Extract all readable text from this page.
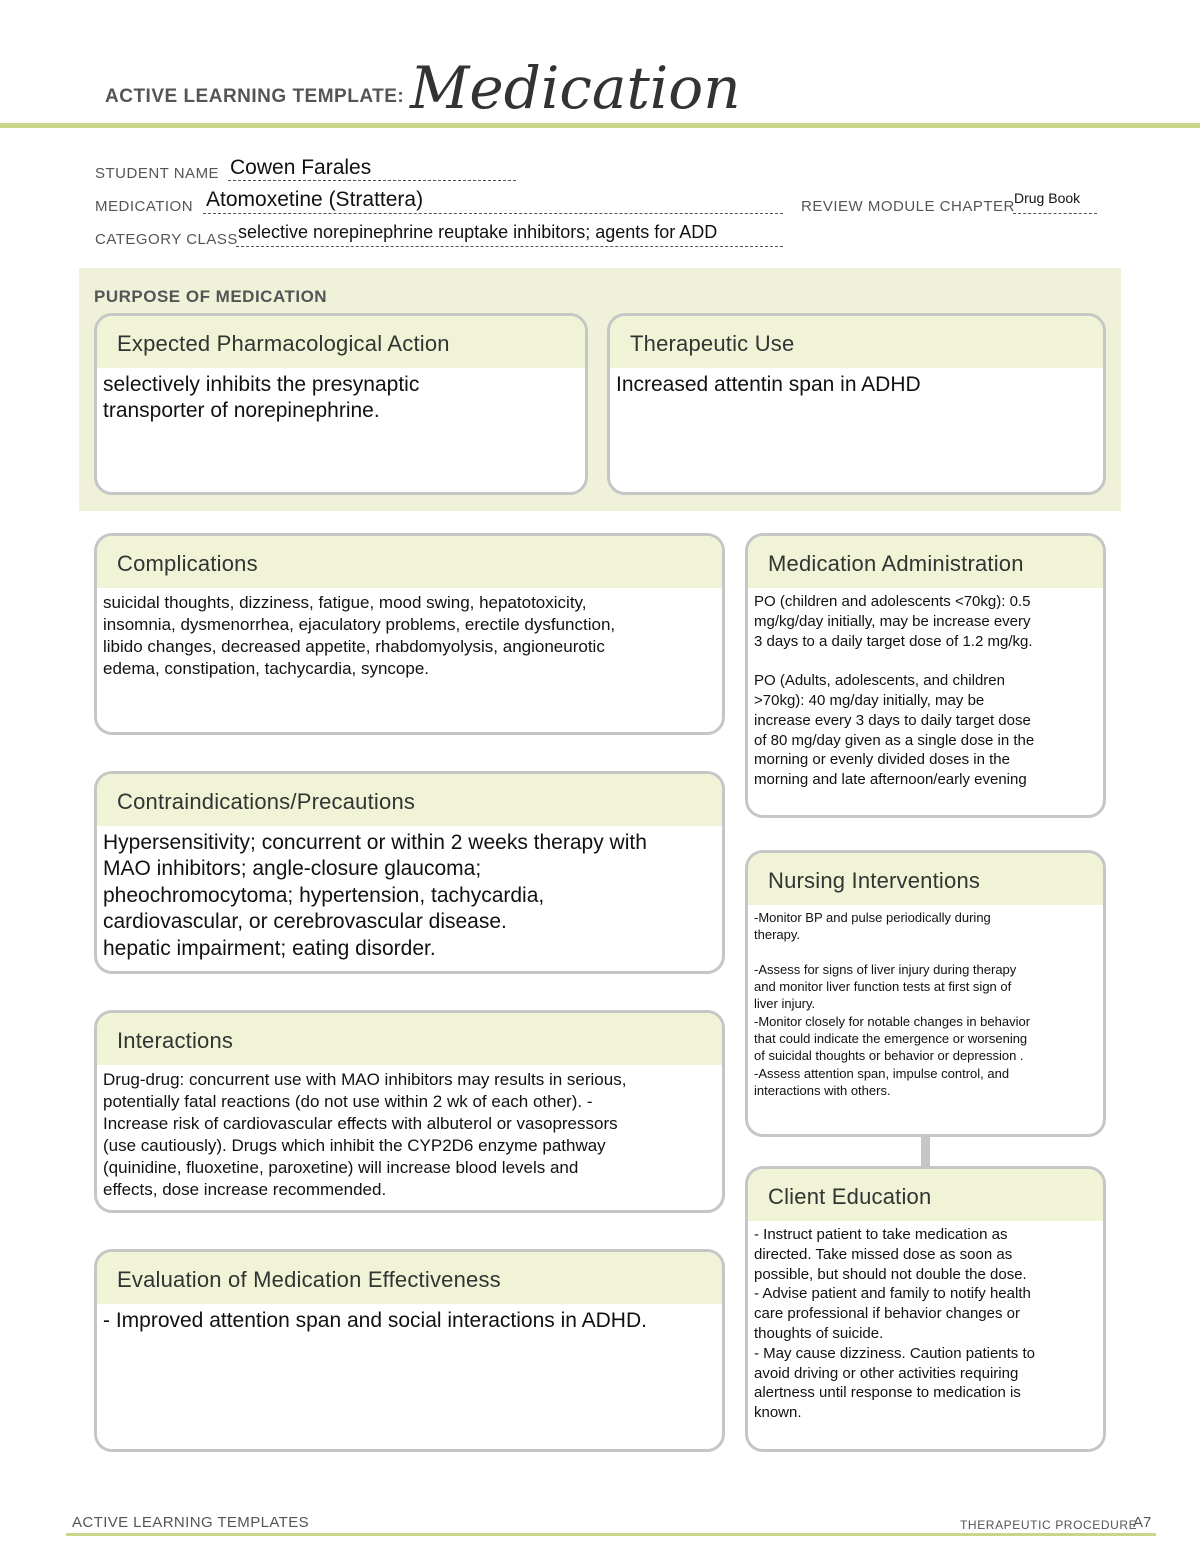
ACTIVE LEARNING TEMPLATE: Medication
STUDENT NAME Cowen Farales
MEDICATION Atomoxetine (Strattera)	REVIEW MODULE CHAPTER Drug Book
CATEGORY CLASS selective norepinephrine reuptake inhibitors; agents for ADD
PURPOSE OF MEDICATION
Expected Pharmacological Action
selectively inhibits the presynaptic
transporter of norepinephrine.
Therapeutic Use
Increased attentin span in ADHD
Complications
suicidal thoughts, dizziness, fatigue, mood swing, hepatotoxicity,
insomnia, dysmenorrhea, ejaculatory problems, erectile dysfunction,
libido changes, decreased appetite, rhabdomyolysis, angioneurotic
edema, constipation, tachycardia, syncope.
Medication Administration
PO (children and adolescents <70kg): 0.5
mg/kg/day initially, may be increase every
3 days to a daily target dose of 1.2 mg/kg.

PO (Adults, adolescents, and children
>70kg): 40 mg/day initially, may be
increase every 3 days to daily target dose
of 80 mg/day given as a single dose in the
morning or evenly divided doses in the
morning and late afternoon/early evening
Contraindications/Precautions
Hypersensitivity; concurrent or within 2 weeks therapy with
MAO inhibitors; angle-closure glaucoma;
pheochromocytoma; hypertension, tachycardia,
cardiovascular, or cerebrovascular disease.
hepatic impairment; eating disorder.
Nursing Interventions
-Monitor BP and pulse periodically during
therapy.

-Assess for signs of liver injury during therapy
and monitor liver function tests at first sign of
liver injury.
-Monitor closely for notable changes in behavior
that could indicate the emergence or worsening
of suicidal thoughts or behavior or depression .
-Assess attention span, impulse control, and
interactions with others.
Interactions
Drug-drug: concurrent use with MAO inhibitors may results in serious,
potentially fatal reactions (do not use within 2 wk of each other). -
Increase risk of cardiovascular effects with albuterol or vasopressors
(use cautiously). Drugs which inhibit the CYP2D6 enzyme pathway
(quinidine, fluoxetine, paroxetine) will increase blood levels and
effects, dose increase recommended.	Client Education
- Instruct patient to take medication as
directed. Take missed dose as soon as
possible, but should not double the dose.
- Advise patient and family to notify health
care professional if behavior changes or
thoughts of suicide.
- May cause dizziness. Caution patients to
avoid driving or other activities requiring
alertness until response to medication is
known.
Evaluation of Medication Effectiveness
- Improved attention span and social interactions in ADHD.
ACTIVE LEARNING TEMPLATES	THERAPEUTIC PROCEDURE
A7
